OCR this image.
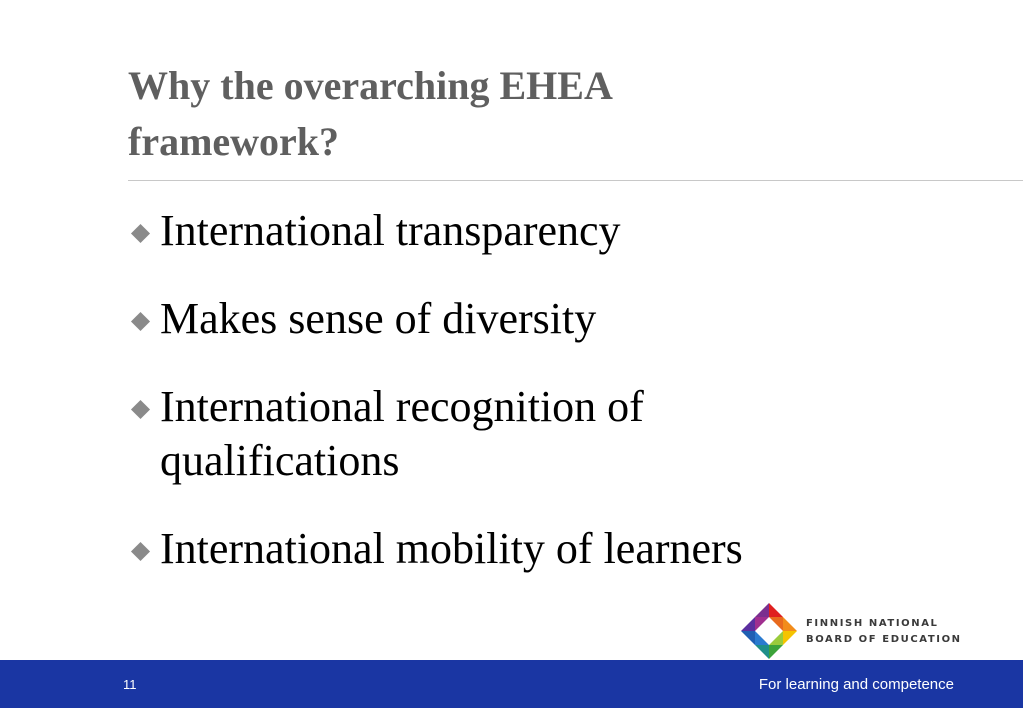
Why the overarching EHEA
framework?
International transparency
Makes sense of diversity
International recognition of
qualifications
International mobility of learners
FINNISH NATIONAL
BOARD OF EDUCATION
11	For learning and competence
